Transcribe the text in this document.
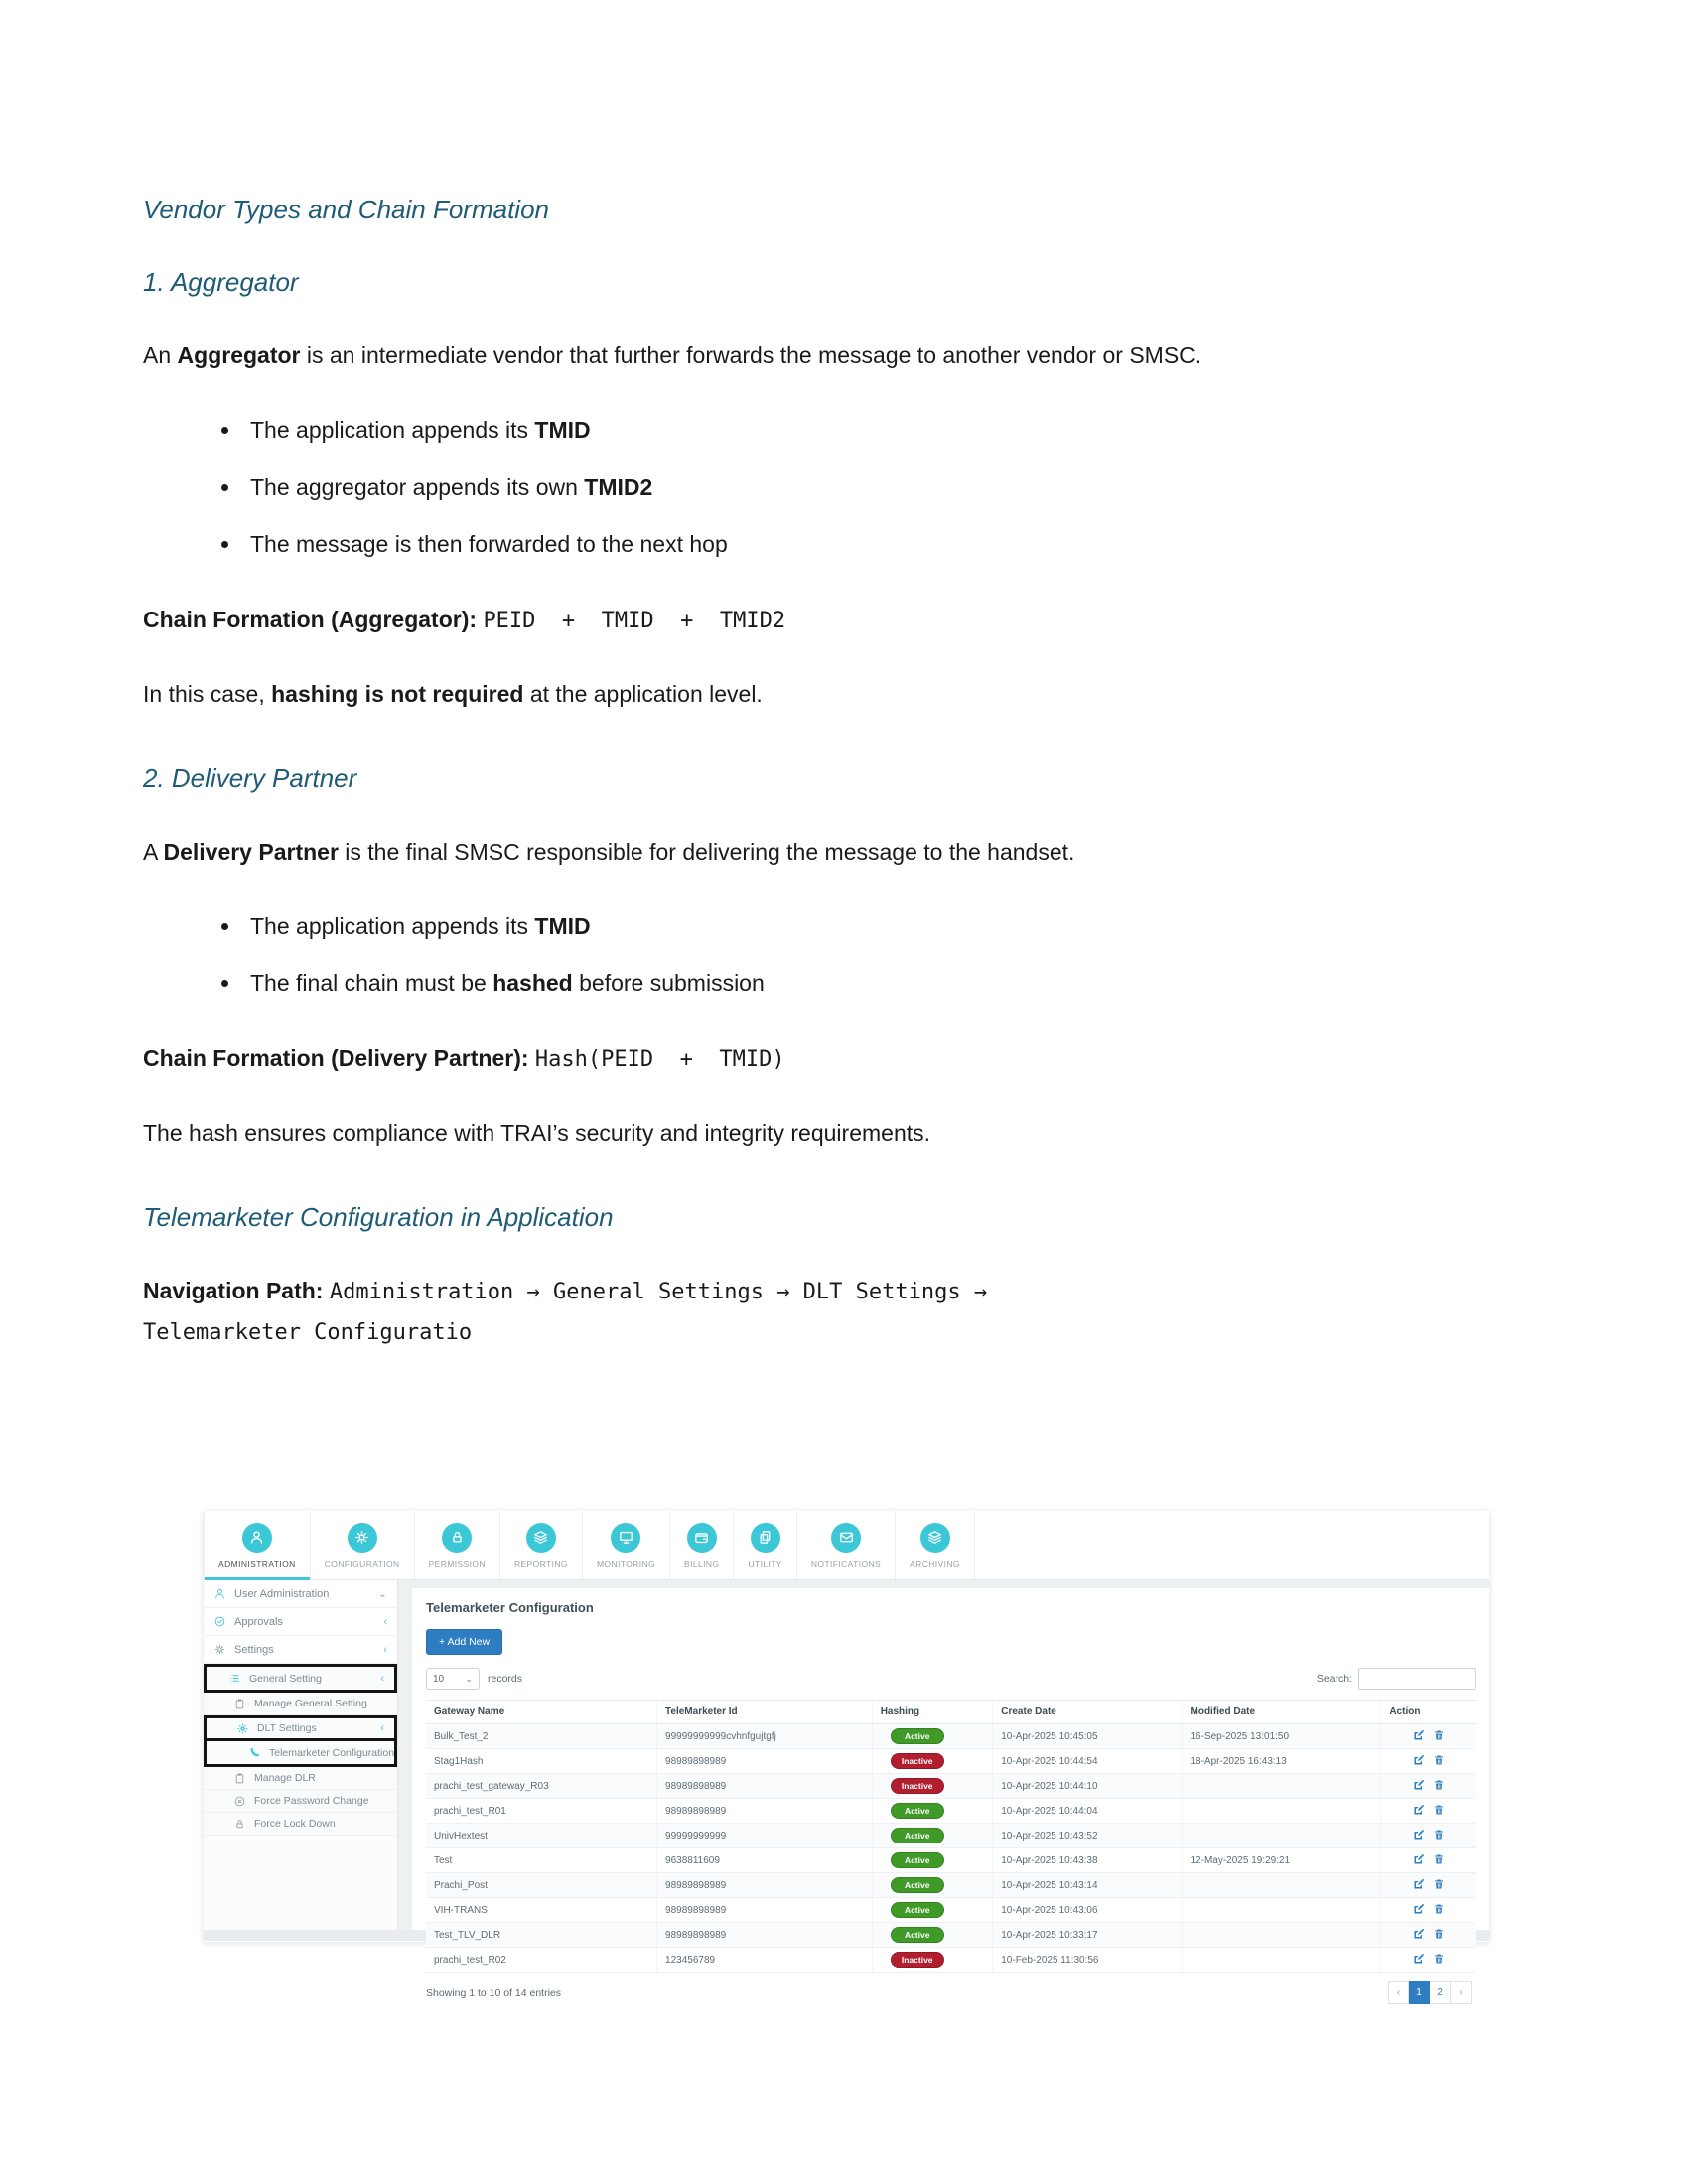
Vendor Types and Chain Formation
1. Aggregator

An Aggregator is an intermediate vendor that further forwards the message to another vendor or SMSC.

• The application appends its TMID
• The aggregator appends its own TMID2
• The message is then forwarded to the next hop

Chain Formation (Aggregator): PEID  +  TMID  +  TMID2

In this case, hashing is not required at the application level.

2. Delivery Partner

A Delivery Partner is the final SMSC responsible for delivering the message to the handset.

• The application appends its TMID
• The final chain must be hashed before submission

Chain Formation (Delivery Partner): Hash(PEID  +  TMID)

The hash ensures compliance with TRAI’s security and integrity requirements.

Telemarketer Configuration in Application

Navigation Path: Administration → General Settings → DLT Settings →
Telemarketer Configuratio

ADMINISTRATION	CONFIGURATION	PERMISSION	REPORTING	MONITORING	BILLING	UTILITY	NOTIFICATIONS	ARCHIVING
User Administration	⌄
Approvals	‹
Settings	‹
General Setting	‹
Manage General Setting
DLT Settings	‹
Telemarketer Configuration
Manage DLR
Force Password Change
Force Lock Down
Telemarketer Configuration
+ Add New
10 ⌄ records	Search:
Gateway Name	TeleMarketer Id	Hashing	Create Date	Modified Date	Action
Bulk_Test_2	99999999999cvhnfgujtgfj	Active	10-Apr-2025 10:45:05	16-Sep-2025 13:01:50	
Stag1Hash	98989898989	Inactive	10-Apr-2025 10:44:54	18-Apr-2025 16:43:13	
prachi_test_gateway_R03	98989898989	Inactive	10-Apr-2025 10:44:10		
prachi_test_R01	98989898989	Active	10-Apr-2025 10:44:04		
UnivHextest	99999999999	Active	10-Apr-2025 10:43:52		
Test	9638811609	Active	10-Apr-2025 10:43:38	12-May-2025 19:29:21	
Prachi_Post	98989898989	Active	10-Apr-2025 10:43:14		
VIH-TRANS	98989898989	Active	10-Apr-2025 10:43:06		
Test_TLV_DLR	98989898989	Active	10-Apr-2025 10:33:17		
prachi_test_R02	123456789	Inactive	10-Feb-2025 11:30:56		
Showing 1 to 10 of 14 entries	‹	1	2	›
